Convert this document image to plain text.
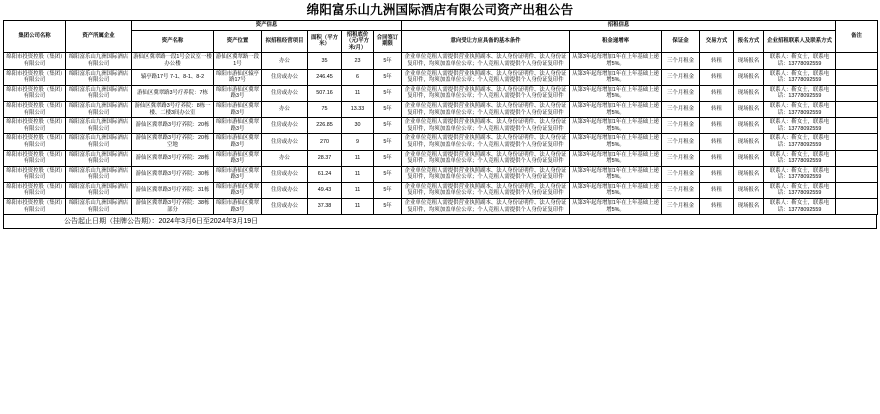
绵阳富乐山九洲国际酒店有限公司资产出租公告
集团公司名称	资产所属企业	资产信息						招租信息						备注
		资产名称	资产位置	拟招租经营项目	面积（平方米）	招租底价（元/平方米/月）	合同签订期限	意向受让方应具备的基本条件	租金递增率	保证金	交易方式	报名方式	企业招租联系人及联系方式	
绵阳市投资控股（集团）有限公司	绵阳富乐山九洲国际酒店有限公司	游仙区冀翠路一段1号会议室一楼办公楼	游仙区冀翠路一段1号	办公	35	23	5年	企业单位竞租人需提供营业执照副本、法人身份证明件、法人身份证复印件，均须加盖单位公章；个人竞租人需提供个人身份证复印件	从第3年起每增加1年在上年基础上递增5%。	三个月租金	转租	现场报名	联系人：靳女士，联系电话：13778092559	
绵阳市投资控股（集团）有限公司	绵阳富乐山九洲国际酒店有限公司	辕亭路17号 7-1、8-1、8-2	绵阳市游仙区辕亭路17号	住房或办公	246.45	6	5年	企业单位竞租人需提供营业执照副本、法人身份证明件、法人身份证复印件，均须加盖单位公章；个人竞租人需提供个人身份证复印件	从第3年起每增加1年在上年基础上递增5%。	三个月租金	转租	现场报名	联系人：靳女士，联系电话：13778092559	
绵阳市投资控股（集团）有限公司	绵阳富乐山九洲国际酒店有限公司	游仙区冀翠路3号疗养院：7栋	绵阳市游仙区冀翠路3号	住房或办公	507.16	11	5年	企业单位竞租人需提供营业执照副本、法人身份证明件、法人身份证复印件，均须加盖单位公章；个人竞租人需提供个人身份证复印件	从第3年起每增加1年在上年基础上递增5%。	三个月租金	转租	现场报名	联系人：靳女士，联系电话：13778092559	
绵阳市投资控股（集团）有限公司	绵阳富乐山九洲国际酒店有限公司	游仙区冀翠路3号疗养院：8栋一楼、二楼3间办公室	绵阳市游仙区冀翠路3号	办公	75	13.33	5年	企业单位竞租人需提供营业执照副本、法人身份证明件、法人身份证复印件，均须加盖单位公章；个人竞租人需提供个人身份证复印件	从第3年起每增加1年在上年基础上递增5%。	三个月租金	转租	现场报名	联系人：靳女士，联系电话：13778092559	
绵阳市投资控股（集团）有限公司	绵阳富乐山九洲国际酒店有限公司	游仙区冀翠路3号疗养院：20栋	绵阳市游仙区冀翠路3号	住房或办公	226.85	30	5年	企业单位竞租人需提供营业执照副本、法人身份证明件、法人身份证复印件，均须加盖单位公章；个人竞租人需提供个人身份证复印件	从第3年起每增加1年在上年基础上递增5%。	三个月租金	转租	现场报名	联系人：靳女士，联系电话：13778092559	
绵阳市投资控股（集团）有限公司	绵阳富乐山九洲国际酒店有限公司	游仙区冀翠路3号疗养院：20栋空地	绵阳市游仙区冀翠路3号	住房或办公	270	9	5年	企业单位竞租人需提供营业执照副本、法人身份证明件、法人身份证复印件，均须加盖单位公章；个人竞租人需提供个人身份证复印件	从第3年起每增加1年在上年基础上递增5%。	三个月租金	转租	现场报名	联系人：靳女士，联系电话：13778092559	
绵阳市投资控股（集团）有限公司	绵阳富乐山九洲国际酒店有限公司	游仙区冀翠路3号疗养院：28栋	绵阳市游仙区冀翠路3号	办公	28.37	11	5年	企业单位竞租人需提供营业执照副本、法人身份证明件、法人身份证复印件，均须加盖单位公章；个人竞租人需提供个人身份证复印件	从第3年起每增加1年在上年基础上递增5%。	三个月租金	转租	现场报名	联系人：靳女士，联系电话：13778092559	
绵阳市投资控股（集团）有限公司	绵阳富乐山九洲国际酒店有限公司	游仙区冀翠路3号疗养院：30栋	绵阳市游仙区冀翠路3号	住房或办公	61.24	11	5年	企业单位竞租人需提供营业执照副本、法人身份证明件、法人身份证复印件，均须加盖单位公章；个人竞租人需提供个人身份证复印件	从第3年起每增加1年在上年基础上递增5%。	三个月租金	转租	现场报名	联系人：靳女士，联系电话：13778092559	
绵阳市投资控股（集团）有限公司	绵阳富乐山九洲国际酒店有限公司	游仙区冀翠路3号疗养院：31栋	绵阳市游仙区冀翠路3号	住房或办公	49.43	11	5年	企业单位竞租人需提供营业执照副本、法人身份证明件、法人身份证复印件，均须加盖单位公章；个人竞租人需提供个人身份证复印件	从第3年起每增加1年在上年基础上递增5%。	三个月租金	转租	现场报名	联系人：靳女士，联系电话：13778092559	
绵阳市投资控股（集团）有限公司	绵阳富乐山九洲国际酒店有限公司	游仙区冀翠路3号疗养院：38栋部分	绵阳市游仙区冀翠路3号	住房或办公	37.38	11	5年	企业单位竞租人需提供营业执照副本、法人身份证明件、法人身份证复印件，均须加盖单位公章；个人竞租人需提供个人身份证复印件	从第3年起每增加1年在上年基础上递增5%。	三个月租金	转租	现场报名	联系人：靳女士，联系电话：13778092559	
公告起止日期（挂牌公告期）：2024年3月6日至2024年3月19日
